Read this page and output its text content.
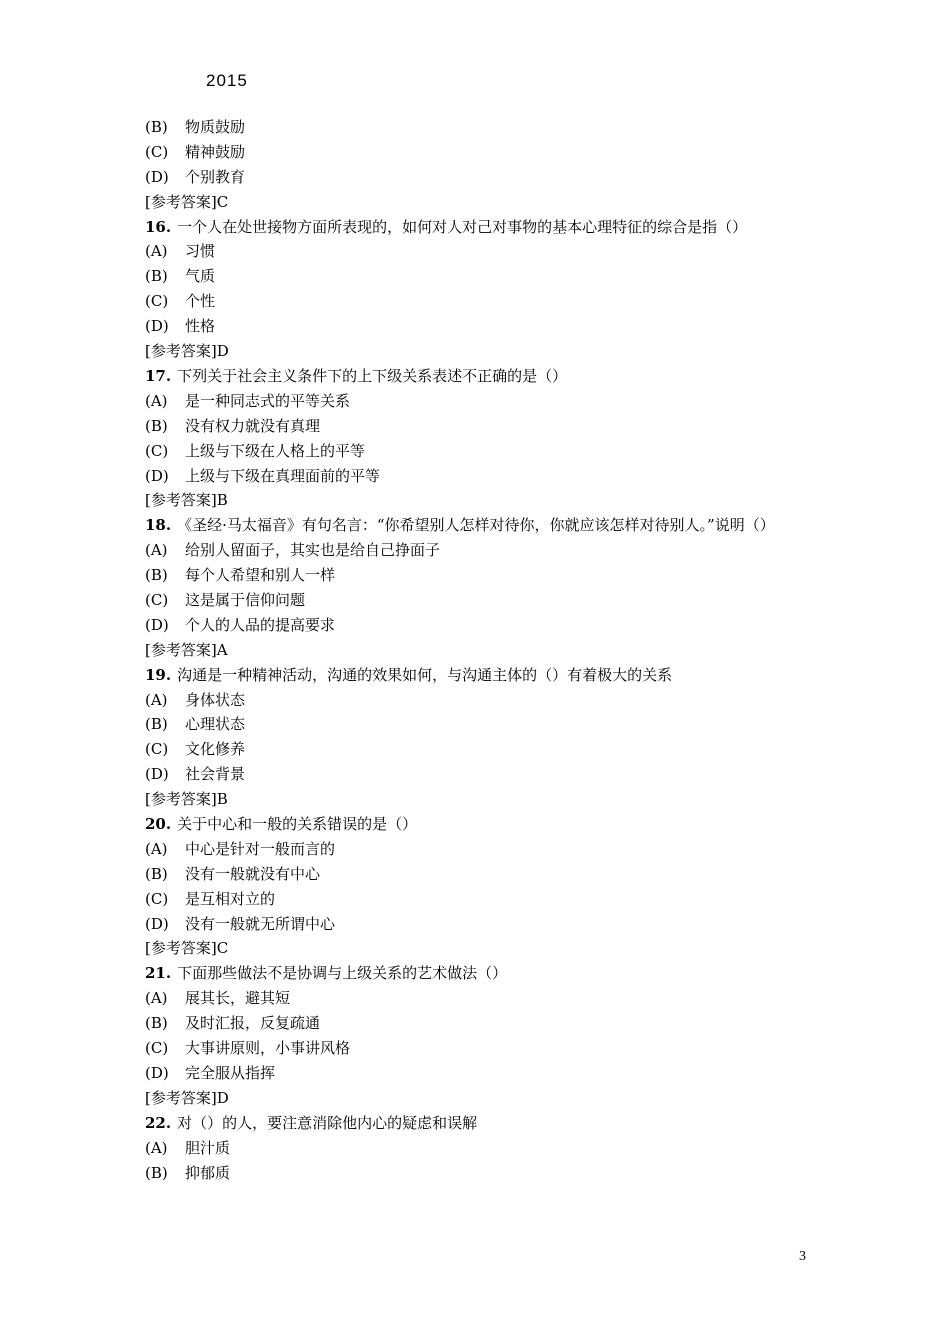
2015
(B) 物质鼓励
(C) 精神鼓励
(D) 个别教育
[参考答案]C
16. 一个人在处世接物方面所表现的，如何对人对己对事物的基本心理特征的综合是指（）
(A) 习惯
(B) 气质
(C) 个性
(D) 性格
[参考答案]D
17. 下列关于社会主义条件下的上下级关系表述不正确的是（）
(A) 是一种同志式的平等关系
(B) 没有权力就没有真理
(C) 上级与下级在人格上的平等
(D) 上级与下级在真理面前的平等
[参考答案]B
18. 《圣经·马太福音》有句名言：“你希望别人怎样对待你，你就应该怎样对待别人。”说明（）
(A) 给别人留面子，其实也是给自己挣面子
(B) 每个人希望和别人一样
(C) 这是属于信仰问题
(D) 个人的人品的提高要求
[参考答案]A
19. 沟通是一种精神活动，沟通的效果如何，与沟通主体的（）有着极大的关系
(A) 身体状态
(B) 心理状态
(C) 文化修养
(D) 社会背景
[参考答案]B
20. 关于中心和一般的关系错误的是（）
(A) 中心是针对一般而言的
(B) 没有一般就没有中心
(C) 是互相对立的
(D) 没有一般就无所谓中心
[参考答案]C
21. 下面那些做法不是协调与上级关系的艺术做法（）
(A) 展其长，避其短
(B) 及时汇报，反复疏通
(C) 大事讲原则，小事讲风格
(D) 完全服从指挥
[参考答案]D
22. 对（）的人，要注意消除他内心的疑虑和误解
(A) 胆汁质
(B) 抑郁质
3
